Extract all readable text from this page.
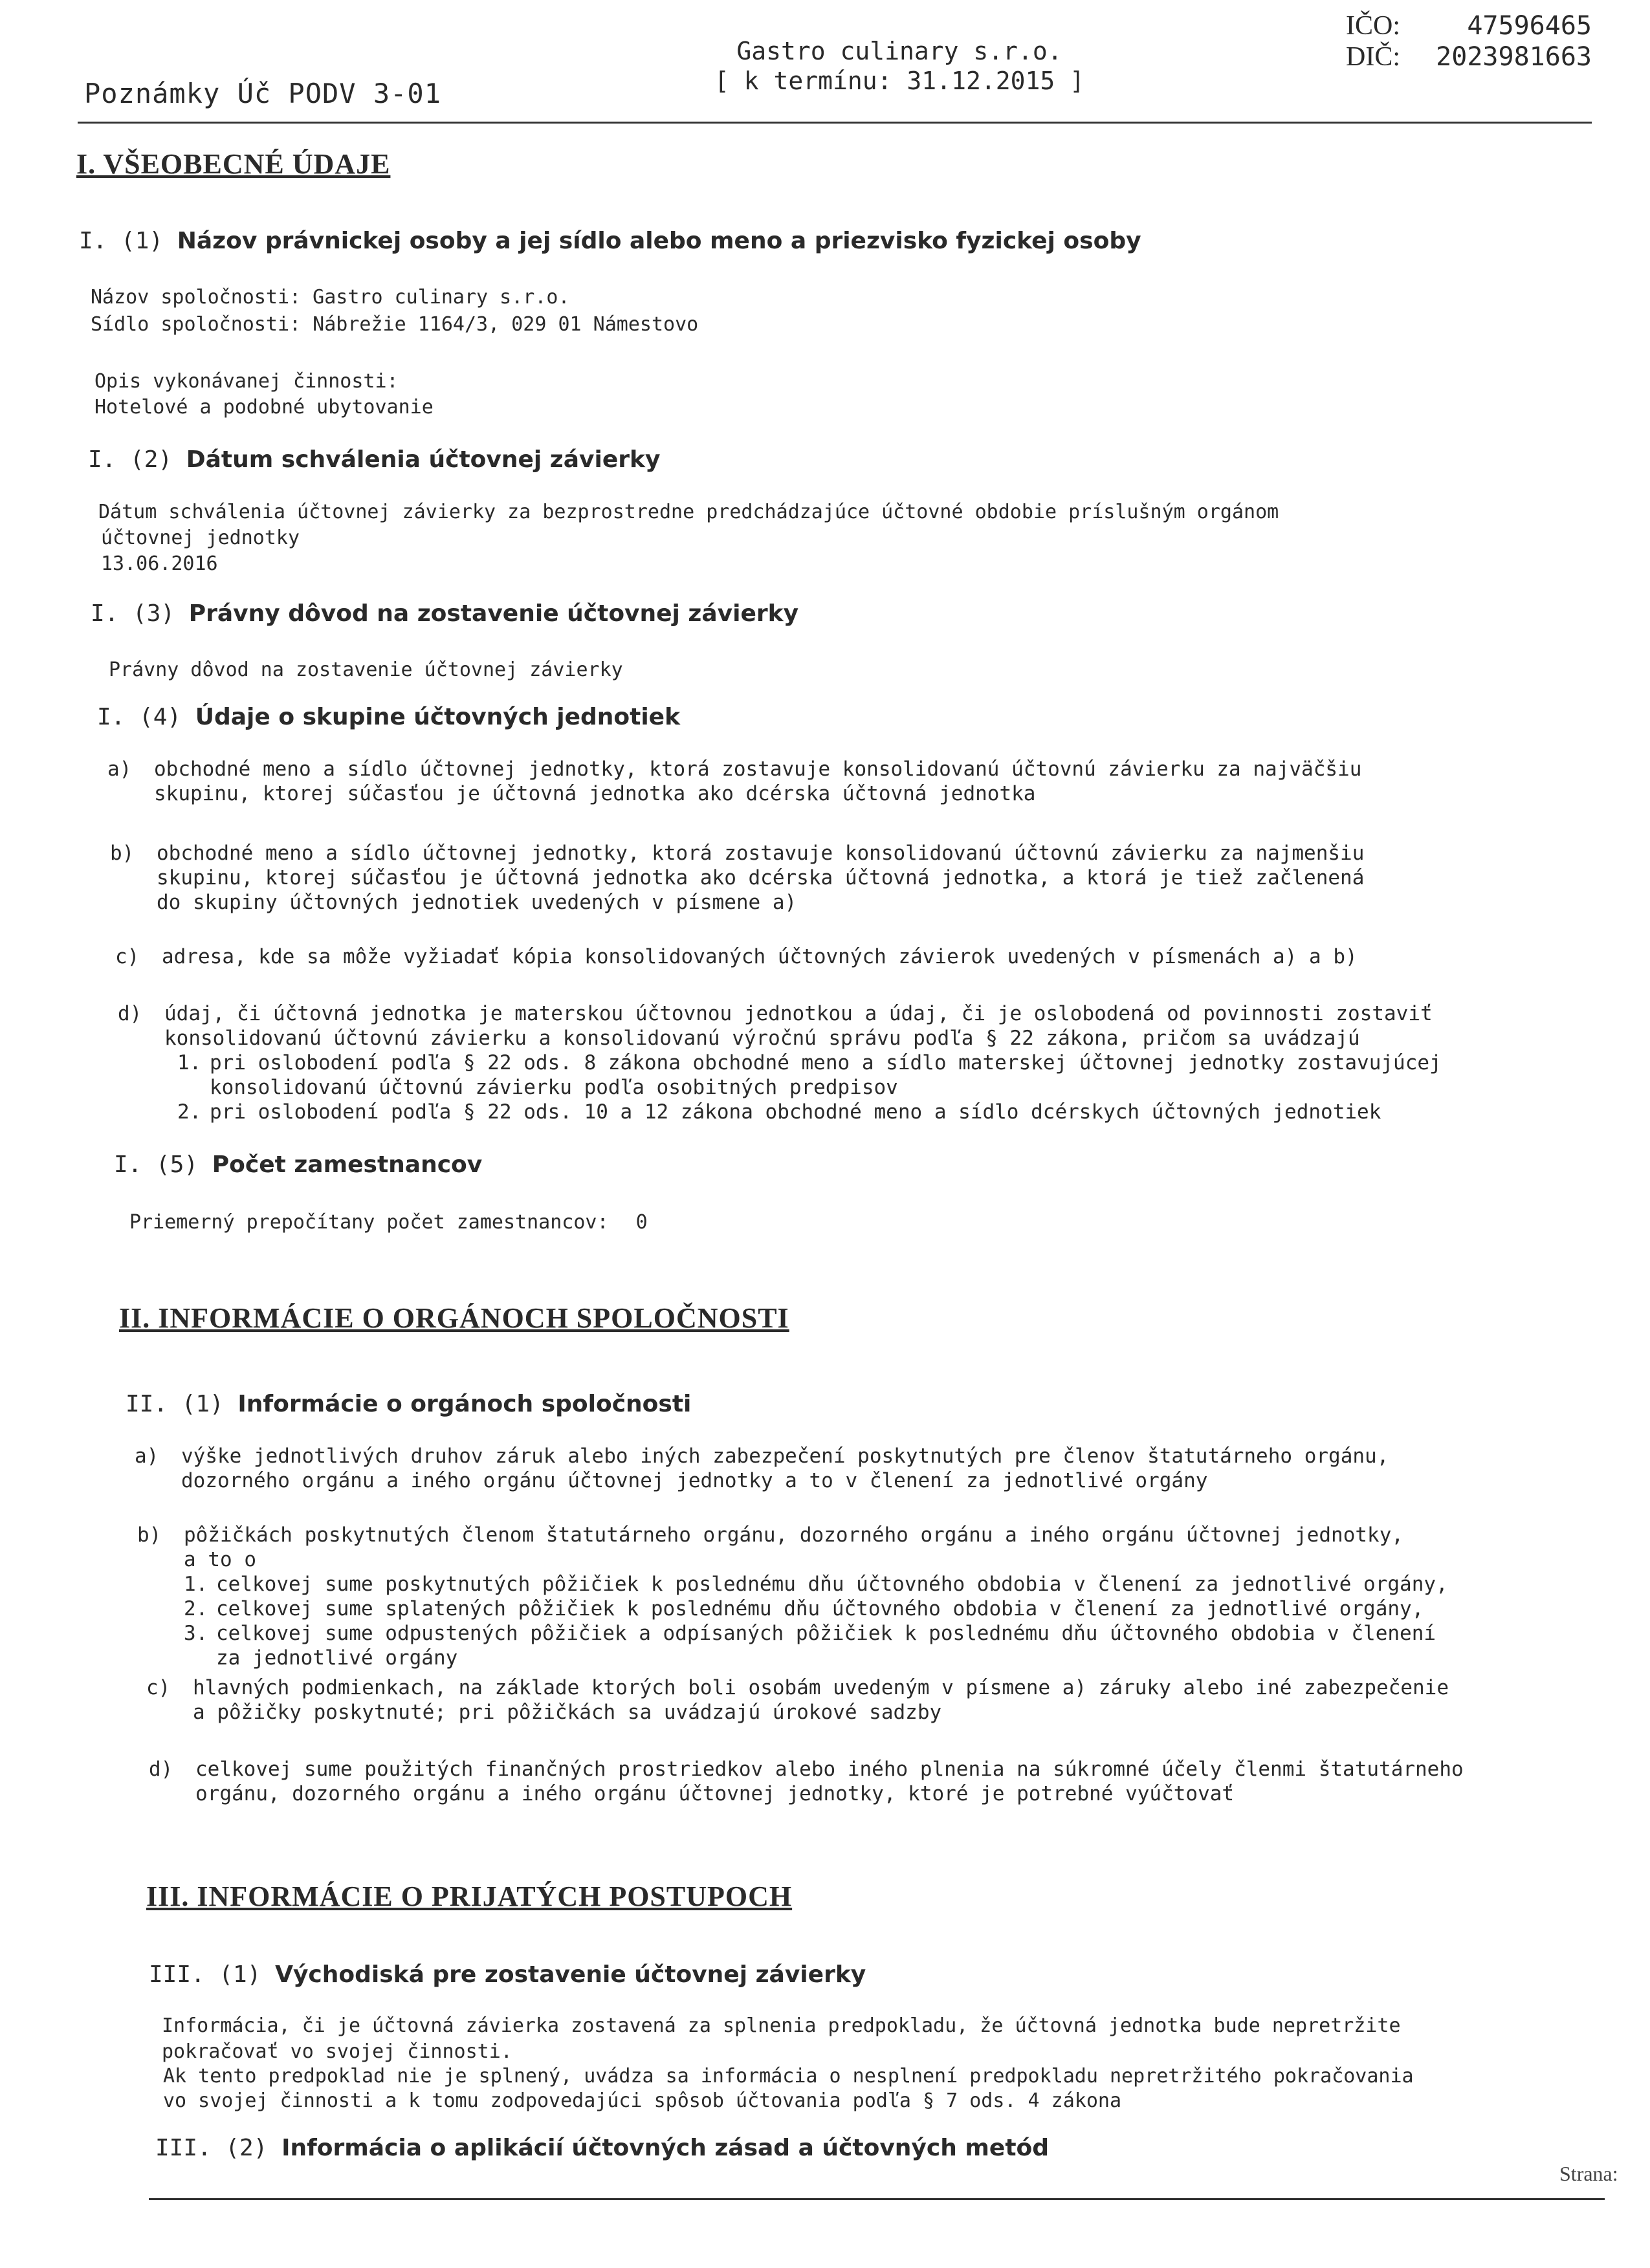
Poznámky Úč PODV 3-01
Gastro culinary s.r.o.
[ k termínu: 31.12.2015 ]
IČO:	47596465
DIČ: 2023981663
I. VŠEOBECNÉ ÚDAJE
I. (1) Názov právnickej osoby a jej sídlo alebo meno a priezvisko fyzickej osoby
Názov spoločnosti: Gastro culinary s.r.o.
Sídlo spoločnosti: Nábrežie 1164/3, 029 01 Námestovo
Opis vykonávanej činnosti:
Hotelové a podobné ubytovanie
I. (2) Dátum schválenia účtovnej závierky
Dátum schválenia účtovnej závierky za bezprostredne predchádzajúce účtovné obdobie príslušným orgánom
účtovnej jednotky
13.06.2016
I. (3) Právny dôvod na zostavenie účtovnej závierky
Právny dôvod na zostavenie účtovnej závierky
I. (4) Údaje o skupine účtovných jednotiek
a) obchodné meno a sídlo účtovnej jednotky, ktorá zostavuje konsolidovanú účtovnú závierku za najväčšiu
skupinu, ktorej súčasťou je účtovná jednotka ako dcérska účtovná jednotka
b) obchodné meno a sídlo účtovnej jednotky, ktorá zostavuje konsolidovanú účtovnú závierku za najmenšiu
skupinu, ktorej súčasťou je účtovná jednotka ako dcérska účtovná jednotka, a ktorá je tiež začlenená
do skupiny účtovných jednotiek uvedených v písmene a)
c) adresa, kde sa môže vyžiadať kópia konsolidovaných účtovných závierok uvedených v písmenách a) a b)
d) údaj, či účtovná jednotka je materskou účtovnou jednotkou a údaj, či je oslobodená od povinnosti zostaviť
konsolidovanú účtovnú závierku a konsolidovanú výročnú správu podľa § 22 zákona, pričom sa uvádzajú
1. pri oslobodení podľa § 22 ods. 8 zákona obchodné meno a sídlo materskej účtovnej jednotky zostavujúcej
konsolidovanú účtovnú závierku podľa osobitných predpisov
2. pri oslobodení podľa § 22 ods. 10 a 12 zákona obchodné meno a sídlo dcérskych účtovných jednotiek
I. (5) Počet zamestnancov
Priemerný prepočítany počet zamestnancov: 0
II. INFORMÁCIE O ORGÁNOCH SPOLOČNOSTI
II. (1) Informácie o orgánoch spoločnosti
a) výške jednotlivých druhov záruk alebo iných zabezpečení poskytnutých pre členov štatutárneho orgánu,
dozorného orgánu a iného orgánu účtovnej jednotky a to v členení za jednotlivé orgány
b) pôžičkách poskytnutých členom štatutárneho orgánu, dozorného orgánu a iného orgánu účtovnej jednotky,
a to o
1. celkovej sume poskytnutých pôžičiek k poslednému dňu účtovného obdobia v členení za jednotlivé orgány,
2. celkovej sume splatených pôžičiek k poslednému dňu účtovného obdobia v členení za jednotlivé orgány,
3. celkovej sume odpustených pôžičiek a odpísaných pôžičiek k poslednému dňu účtovného obdobia v členení
za jednotlivé orgány
c) hlavných podmienkach, na základe ktorých boli osobám uvedeným v písmene a) záruky alebo iné zabezpečenie
a pôžičky poskytnuté; pri pôžičkách sa uvádzajú úrokové sadzby
d) celkovej sume použitých finančných prostriedkov alebo iného plnenia na súkromné účely členmi štatutárneho
orgánu, dozorného orgánu a iného orgánu účtovnej jednotky, ktoré je potrebné vyúčtovať
III. INFORMÁCIE O PRIJATÝCH POSTUPOCH
III. (1) Východiská pre zostavenie účtovnej závierky
Informácia, či je účtovná závierka zostavená za splnenia predpokladu, že účtovná jednotka bude nepretržite
pokračovať vo svojej činnosti.
Ak tento predpoklad nie je splnený, uvádza sa informácia o nesplnení predpokladu nepretržitého pokračovania
vo svojej činnosti a k tomu zodpovedajúci spôsob účtovania podľa § 7 ods. 4 zákona
III. (2) Informácia o aplikácií účtovných zásad a účtovných metód
Strana:
